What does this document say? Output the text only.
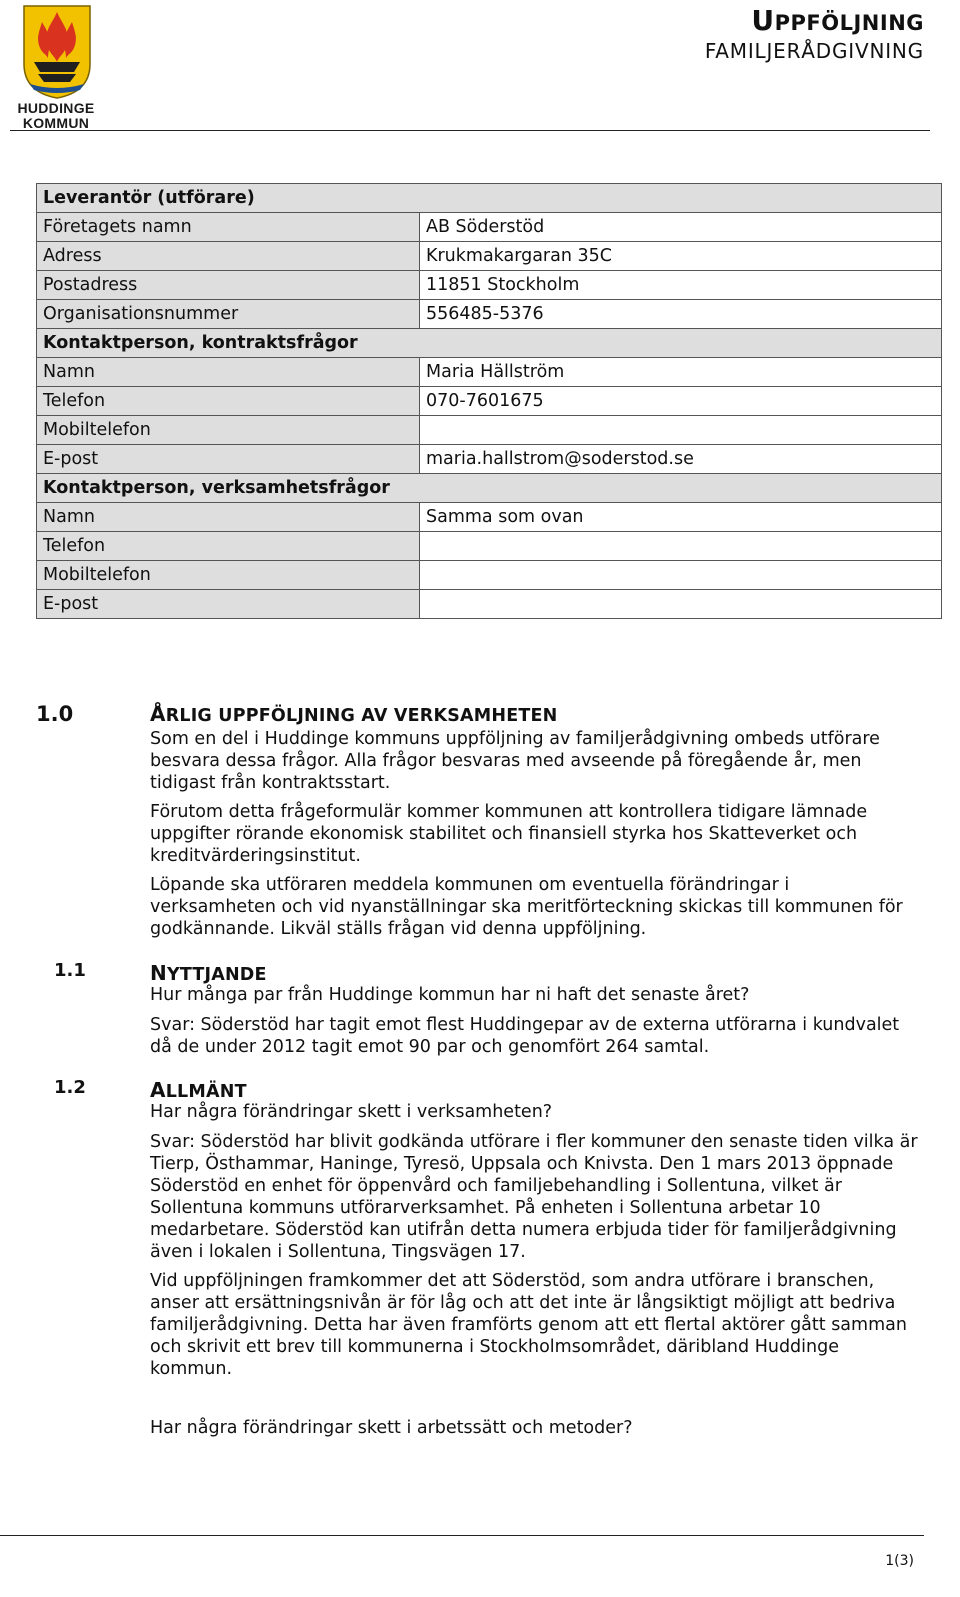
HUDDINGE
KOMMUN
UPPFÖLJNING
FAMILJERÅDGIVNING
Leverantör (utförare)	
Företagets namn	AB Söderstöd
Adress	Krukmakargaran 35C
Postadress	11851 Stockholm
Organisationsnummer	556485-5376
Kontaktperson, kontraktsfrågor	
Namn	Maria Hällström
Telefon	070-7601675
Mobiltelefon	
E-post	maria.hallstrom@soderstod.se
Kontaktperson, verksamhetsfrågor	
Namn	Samma som ovan
Telefon	
Mobiltelefon	
E-post	
1.0	ÅRLIG UPPFÖLJNING AV VERKSAMHETEN

Som en del i Huddinge kommuns uppföljning av familjerådgivning ombeds utförare besvara dessa frågor. Alla frågor besvaras med avseende på föregående år, men tidigast från kontraktsstart.

Förutom detta frågeformulär kommer kommunen att kontrollera tidigare lämnade uppgifter rörande ekonomisk stabilitet och finansiell styrka hos Skatteverket och kreditvärderingsinstitut.

Löpande ska utföraren meddela kommunen om eventuella förändringar i verksamheten och vid nyanställningar ska meritförteckning skickas till kommunen för godkännande. Likväl ställs frågan vid denna uppföljning.

1.1	NYTTJANDE

Hur många par från Huddinge kommun har ni haft det senaste året?

Svar: Söderstöd har tagit emot flest Huddingepar av de externa utförarna i kundvalet då de under 2012 tagit emot 90 par och genomfört 264 samtal.

1.2	ALLMÄNT

Har några förändringar skett i verksamheten?

Svar: Söderstöd har blivit godkända utförare i fler kommuner den senaste tiden vilka är Tierp, Östhammar, Haninge, Tyresö, Uppsala och Knivsta. Den 1 mars 2013 öppnade Söderstöd en enhet för öppenvård och familjebehandling i Sollentuna, vilket är Sollentuna kommuns utförarverksamhet. På enheten i Sollentuna arbetar 10 medarbetare. Söderstöd kan utifrån detta numera erbjuda tider för familjerådgivning även i lokalen i Sollentuna, Tingsvägen 17.

Vid uppföljningen framkommer det att Söderstöd, som andra utförare i branschen, anser att ersättningsnivån är för låg och att det inte är långsiktigt möjligt att bedriva familjerådgivning. Detta har även framförts genom att ett flertal aktörer gått samman och skrivit ett brev till kommunerna i Stockholmsområdet, däribland Huddinge kommun.

Har några förändringar skett i arbetssätt och metoder?

1(3)
